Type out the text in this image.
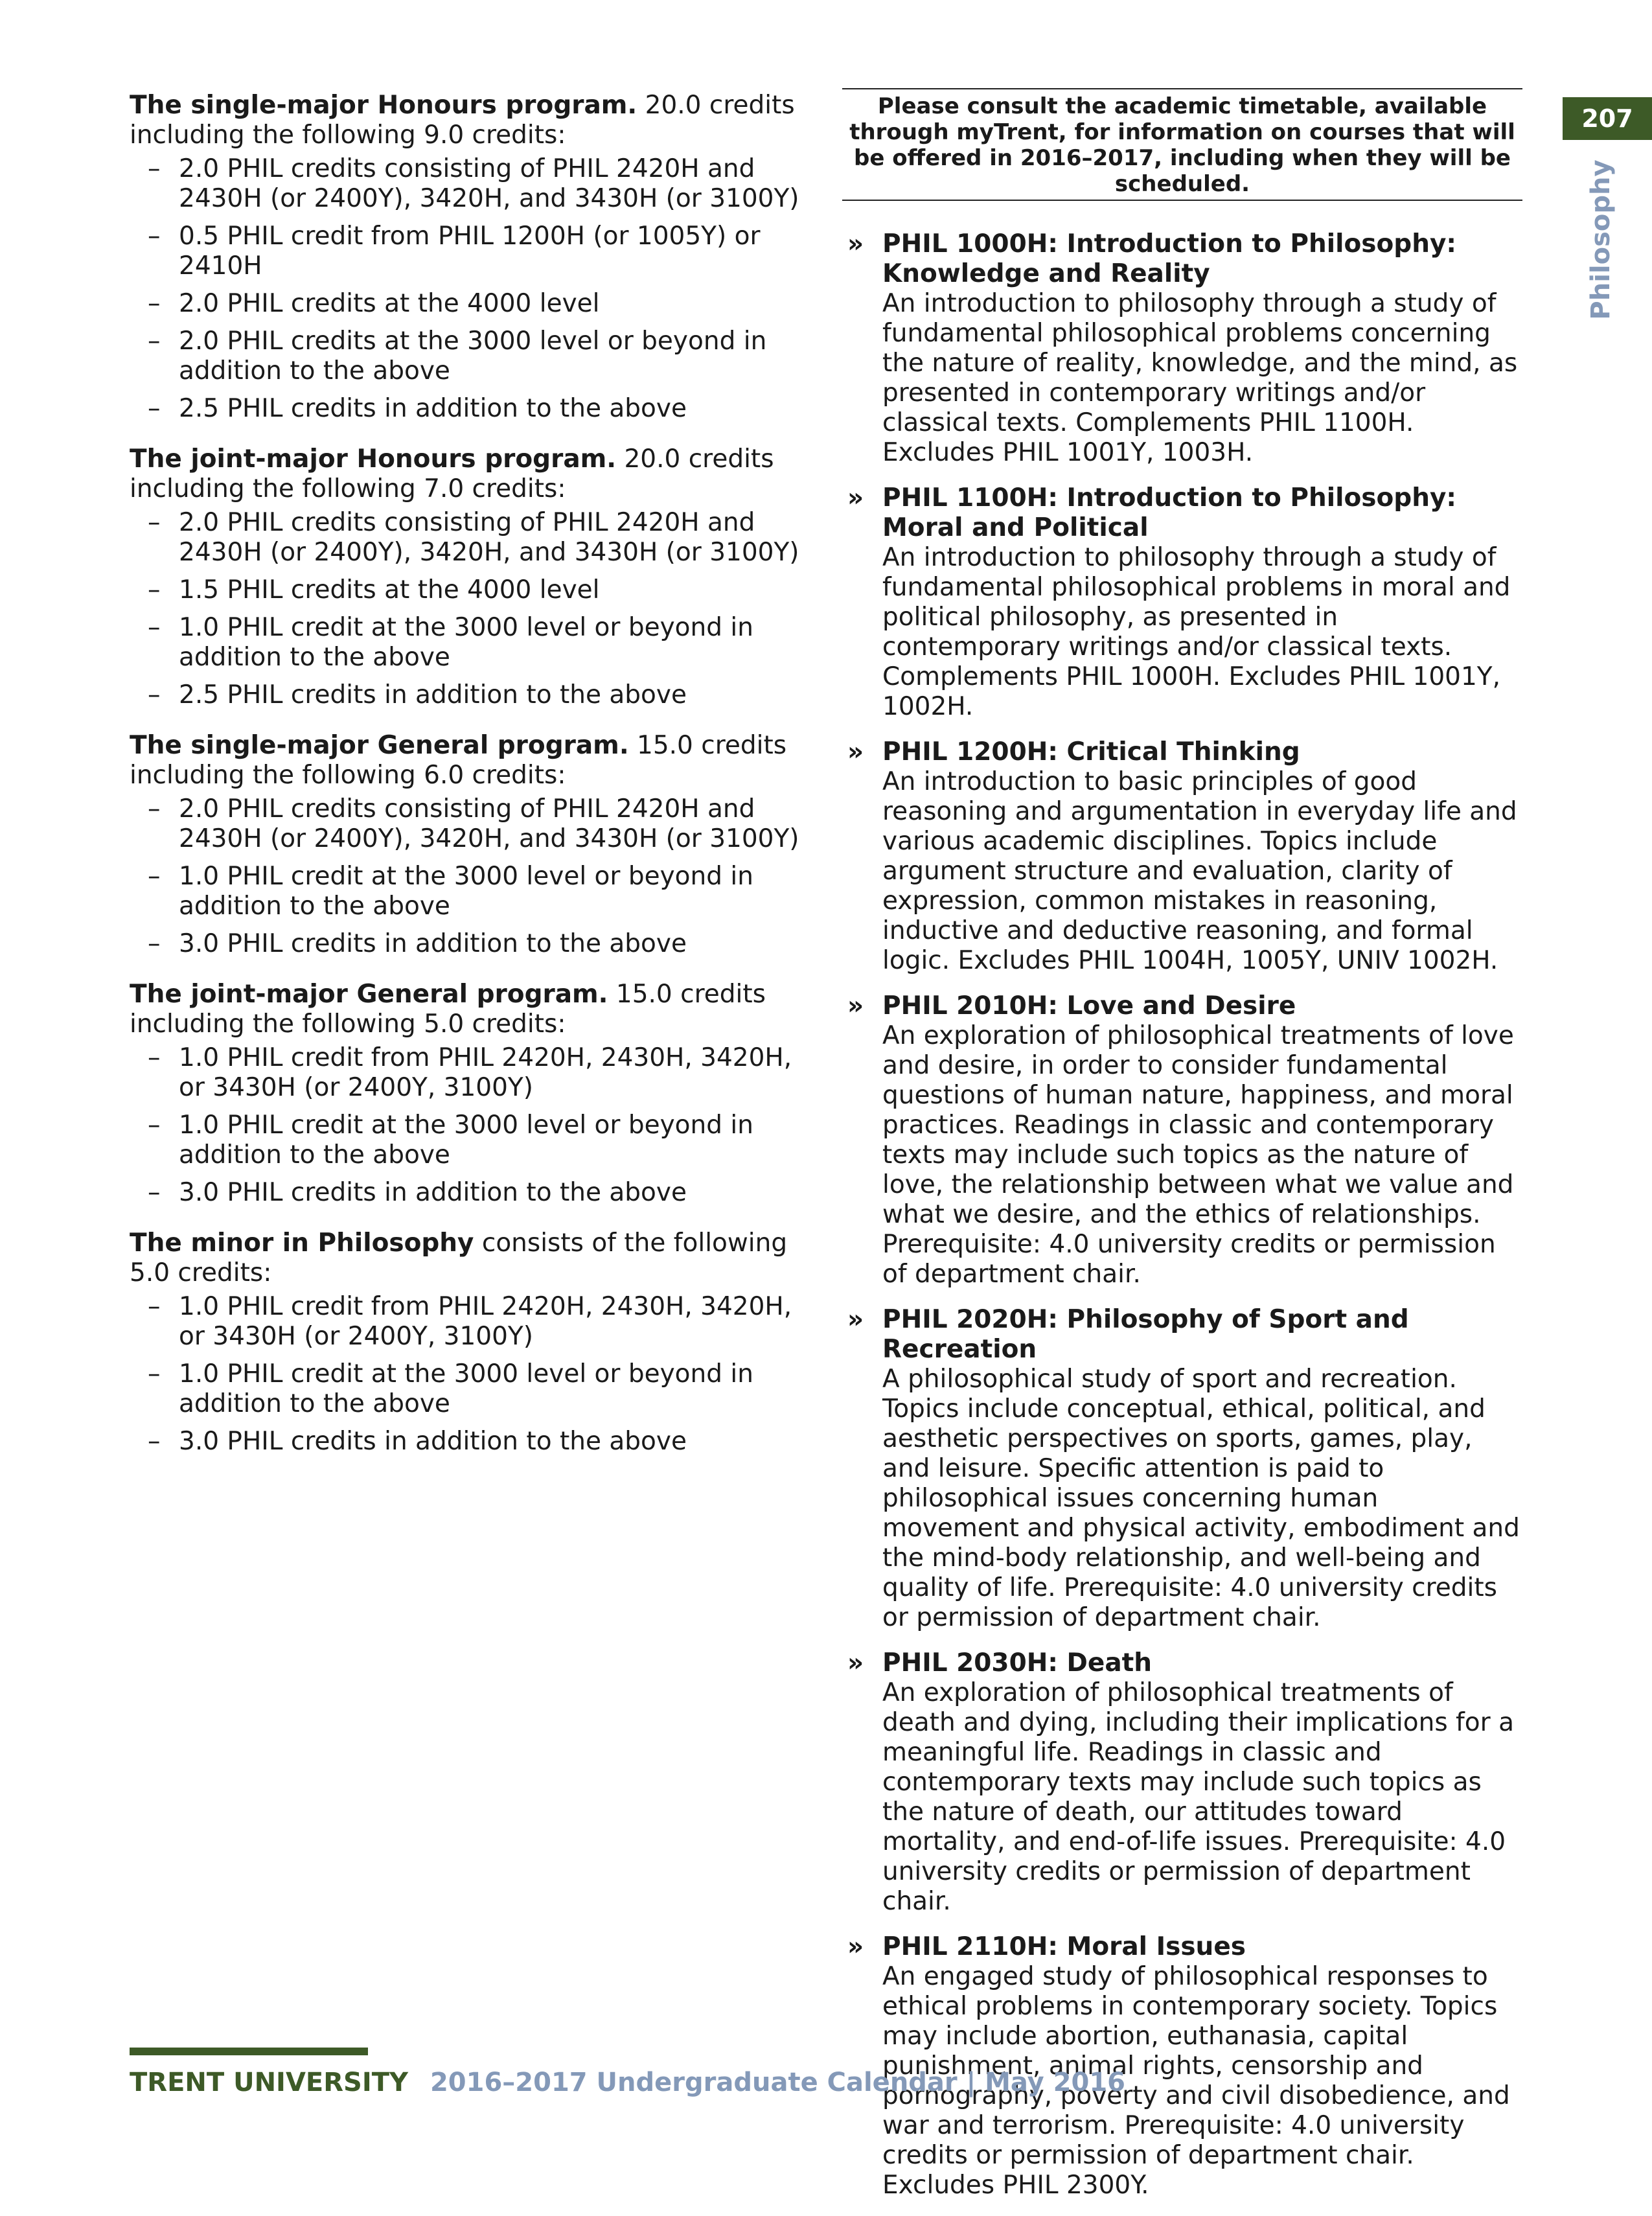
The single-major Honours program. 20.0 credits including the following 9.0 credits:

– 2.0 PHIL credits consisting of PHIL 2420H and 2430H (or 2400Y), 3420H, and 3430H (or 3100Y)
– 0.5 PHIL credit from PHIL 1200H (or 1005Y) or 2410H
– 2.0 PHIL credits at the 4000 level
– 2.0 PHIL credits at the 3000 level or beyond in addition to the above
– 2.5 PHIL credits in addition to the above

The joint-major Honours program. 20.0 credits including the following 7.0 credits:

– 2.0 PHIL credits consisting of PHIL 2420H and 2430H (or 2400Y), 3420H, and 3430H (or 3100Y)
– 1.5 PHIL credits at the 4000 level
– 1.0 PHIL credit at the 3000 level or beyond in addition to the above
– 2.5 PHIL credits in addition to the above

The single-major General program. 15.0 credits including the following 6.0 credits:

– 2.0 PHIL credits consisting of PHIL 2420H and 2430H (or 2400Y), 3420H, and 3430H (or 3100Y)
– 1.0 PHIL credit at the 3000 level or beyond in addition to the above
– 3.0 PHIL credits in addition to the above

The joint-major General program. 15.0 credits including the following 5.0 credits:

– 1.0 PHIL credit from PHIL 2420H, 2430H, 3420H, or 3430H (or 2400Y, 3100Y)
– 1.0 PHIL credit at the 3000 level or beyond in addition to the above
– 3.0 PHIL credits in addition to the above

The minor in Philosophy consists of the following 5.0 credits:

– 1.0 PHIL credit from PHIL 2420H, 2430H, 3420H, or 3430H (or 2400Y, 3100Y)
– 1.0 PHIL credit at the 3000 level or beyond in addition to the above
– 3.0 PHIL credits in addition to the above
Please consult the academic timetable, available through myTrent, for information on courses that will be offered in 2016–2017, including when they will be scheduled.
» PHIL 1000H: Introduction to Philosophy: Knowledge and Reality

An introduction to philosophy through a study of fundamental philosophical problems concerning the nature of reality, knowledge, and the mind, as presented in contemporary writings and/or classical texts. Complements PHIL 1100H. Excludes PHIL 1001Y, 1003H.

» PHIL 1100H: Introduction to Philosophy: Moral and Political

An introduction to philosophy through a study of fundamental philosophical problems in moral and political philosophy, as presented in contemporary writings and/or classical texts. Complements PHIL 1000H. Excludes PHIL 1001Y, 1002H.

» PHIL 1200H: Critical Thinking

An introduction to basic principles of good reasoning and argumentation in everyday life and various academic disciplines. Topics include argument structure and evaluation, clarity of expression, common mistakes in reasoning, inductive and deductive reasoning, and formal logic. Excludes PHIL 1004H, 1005Y, UNIV 1002H.

» PHIL 2010H: Love and Desire

An exploration of philosophical treatments of love and desire, in order to consider fundamental questions of human nature, happiness, and moral practices. Readings in classic and contemporary texts may include such topics as the nature of love, the relationship between what we value and what we desire, and the ethics of relationships. Prerequisite: 4.0 university credits or permission of department chair.

» PHIL 2020H: Philosophy of Sport and Recreation

A philosophical study of sport and recreation. Topics include conceptual, ethical, political, and aesthetic perspectives on sports, games, play, and leisure. Specific attention is paid to philosophical issues concerning human movement and physical activity, embodiment and the mind-body relationship, and well-being and quality of life. Prerequisite: 4.0 university credits or permission of department chair.

» PHIL 2030H: Death

An exploration of philosophical treatments of death and dying, including their implications for a meaningful life. Readings in classic and contemporary texts may include such topics as the nature of death, our attitudes toward mortality, and end-of-life issues. Prerequisite: 4.0 university credits or permission of department chair.

» PHIL 2110H: Moral Issues

An engaged study of philosophical responses to ethical problems in contemporary society. Topics may include abortion, euthanasia, capital punishment, animal rights, censorship and pornography, poverty and civil disobedience, and war and terrorism. Prerequisite: 4.0 university credits or permission of department chair. Excludes PHIL 2300Y.

207
Philosophy
TRENT UNIVERSITY 2016–2017 Undergraduate Calendar | May 2016
